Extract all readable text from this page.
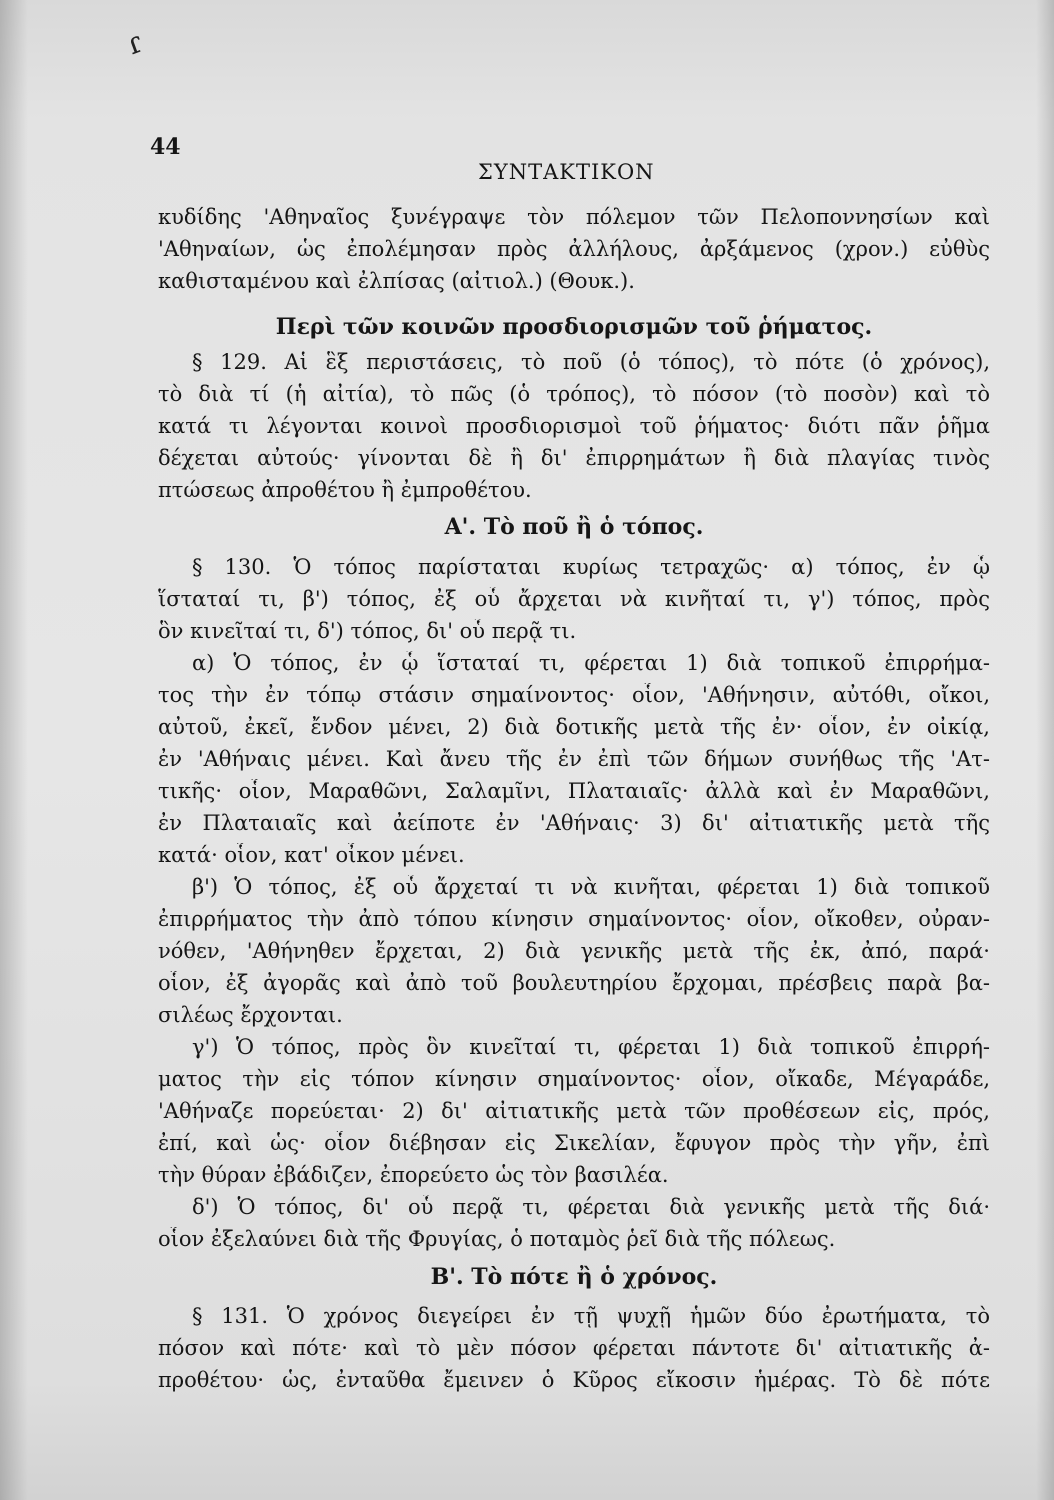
ɾ
44
ΣΥΝΤΑΚΤΙΚΟΝ
κυδίδης 'Αθηναῖος ξυνέγραψε τὸν πόλεμον τῶν Πελοποννησίων καὶ
'Αθηναίων, ὡς ἐπολέμησαν πρὸς ἀλλήλους, ἀρξάμενος (χρον.) εὐθὺς
καθισταμένου καὶ ἐλπίσας (αἰτιολ.) (Θουκ.).
Περὶ τῶν κοινῶν προσδιορισμῶν τοῦ ῥήματος.
§ 129. Αἱ ἓξ περιστάσεις, τὸ ποῦ (ὁ τόπος), τὸ πότε (ὁ χρόνος),
τὸ διὰ τί (ἡ αἰτία), τὸ πῶς (ὁ τρόπος), τὸ πόσον (τὸ ποσὸν) καὶ τὸ
κατά τι λέγονται κοινοὶ προσδιορισμοὶ τοῦ ῥήματος· διότι πᾶν ῥῆμα
δέχεται αὐτούς· γίνονται δὲ ἢ δι' ἐπιρρημάτων ἢ διὰ πλαγίας τινὸς
πτώσεως ἀπροθέτου ἢ ἐμπροθέτου.
Α'. Τὸ ποῦ ἢ ὁ τόπος.
§ 130. Ὁ τόπος παρίσταται κυρίως τετραχῶς· α) τόπος, ἐν ᾧ
ἵσταταί τι, β') τόπος, ἐξ οὗ ἄρχεται νὰ κινῆταί τι, γ') τόπος, πρὸς
ὃν κινεῖταί τι, δ') τόπος, δι' οὗ περᾷ τι.
α) Ὁ τόπος, ἐν ᾧ ἵσταταί τι, φέρεται 1) διὰ τοπικοῦ ἐπιρρήμα-
τος τὴν ἐν τόπῳ στάσιν σημαίνοντος· οἷον, 'Αθήνησιν, αὐτόθι, οἴκοι,
αὐτοῦ, ἐκεῖ, ἔνδον μένει, 2) διὰ δοτικῆς μετὰ τῆς ἐν· οἷον, ἐν οἰκίᾳ,
ἐν 'Αθήναις μένει. Καὶ ἄνευ τῆς ἐν ἐπὶ τῶν δήμων συνήθως τῆς 'Ατ-
τικῆς· οἷον, Μαραθῶνι, Σαλαμῖνι, Πλαταιαῖς· ἀλλὰ καὶ ἐν Μαραθῶνι,
ἐν Πλαταιαῖς καὶ ἀείποτε ἐν 'Αθήναις· 3) δι' αἰτιατικῆς μετὰ τῆς
κατά· οἷον, κατ' οἶκον μένει.
β') Ὁ τόπος, ἐξ οὗ ἄρχεταί τι νὰ κινῆται, φέρεται 1) διὰ τοπικοῦ
ἐπιρρήματος τὴν ἀπὸ τόπου κίνησιν σημαίνοντος· οἷον, οἴκοθεν, οὐραν-
νόθεν, 'Αθήνηθεν ἔρχεται, 2) διὰ γενικῆς μετὰ τῆς ἐκ, ἀπό, παρά·
οἷον, ἐξ ἀγορᾶς καὶ ἀπὸ τοῦ βουλευτηρίου ἔρχομαι, πρέσβεις παρὰ βα-
σιλέως ἔρχονται.
γ') Ὁ τόπος, πρὸς ὃν κινεῖταί τι, φέρεται 1) διὰ τοπικοῦ ἐπιρρή-
ματος τὴν εἰς τόπον κίνησιν σημαίνοντος· οἷον, οἴκαδε, Μέγαράδε,
'Αθήναζε πορεύεται· 2) δι' αἰτιατικῆς μετὰ τῶν προθέσεων εἰς, πρός,
ἐπί, καὶ ὡς· οἷον διέβησαν εἰς Σικελίαν, ἔφυγον πρὸς τὴν γῆν, ἐπὶ
τὴν θύραν ἐβάδιζεν, ἐπορεύετο ὡς τὸν βασιλέα.
δ') Ὁ τόπος, δι' οὗ περᾷ τι, φέρεται διὰ γενικῆς μετὰ τῆς διά·
οἷον ἐξελαύνει διὰ τῆς Φρυγίας, ὁ ποταμὸς ῥεῖ διὰ τῆς πόλεως.
Β'. Τὸ πότε ἢ ὁ χρόνος.
§ 131. Ὁ χρόνος διεγείρει ἐν τῇ ψυχῇ ἡμῶν δύο ἐρωτήματα, τὸ
πόσον καὶ πότε· καὶ τὸ μὲν πόσον φέρεται πάντοτε δι' αἰτιατικῆς ἀ-
προθέτου· ὡς, ἐνταῦθα ἔμεινεν ὁ Κῦρος εἴκοσιν ἡμέρας. Τὸ δὲ πότε
